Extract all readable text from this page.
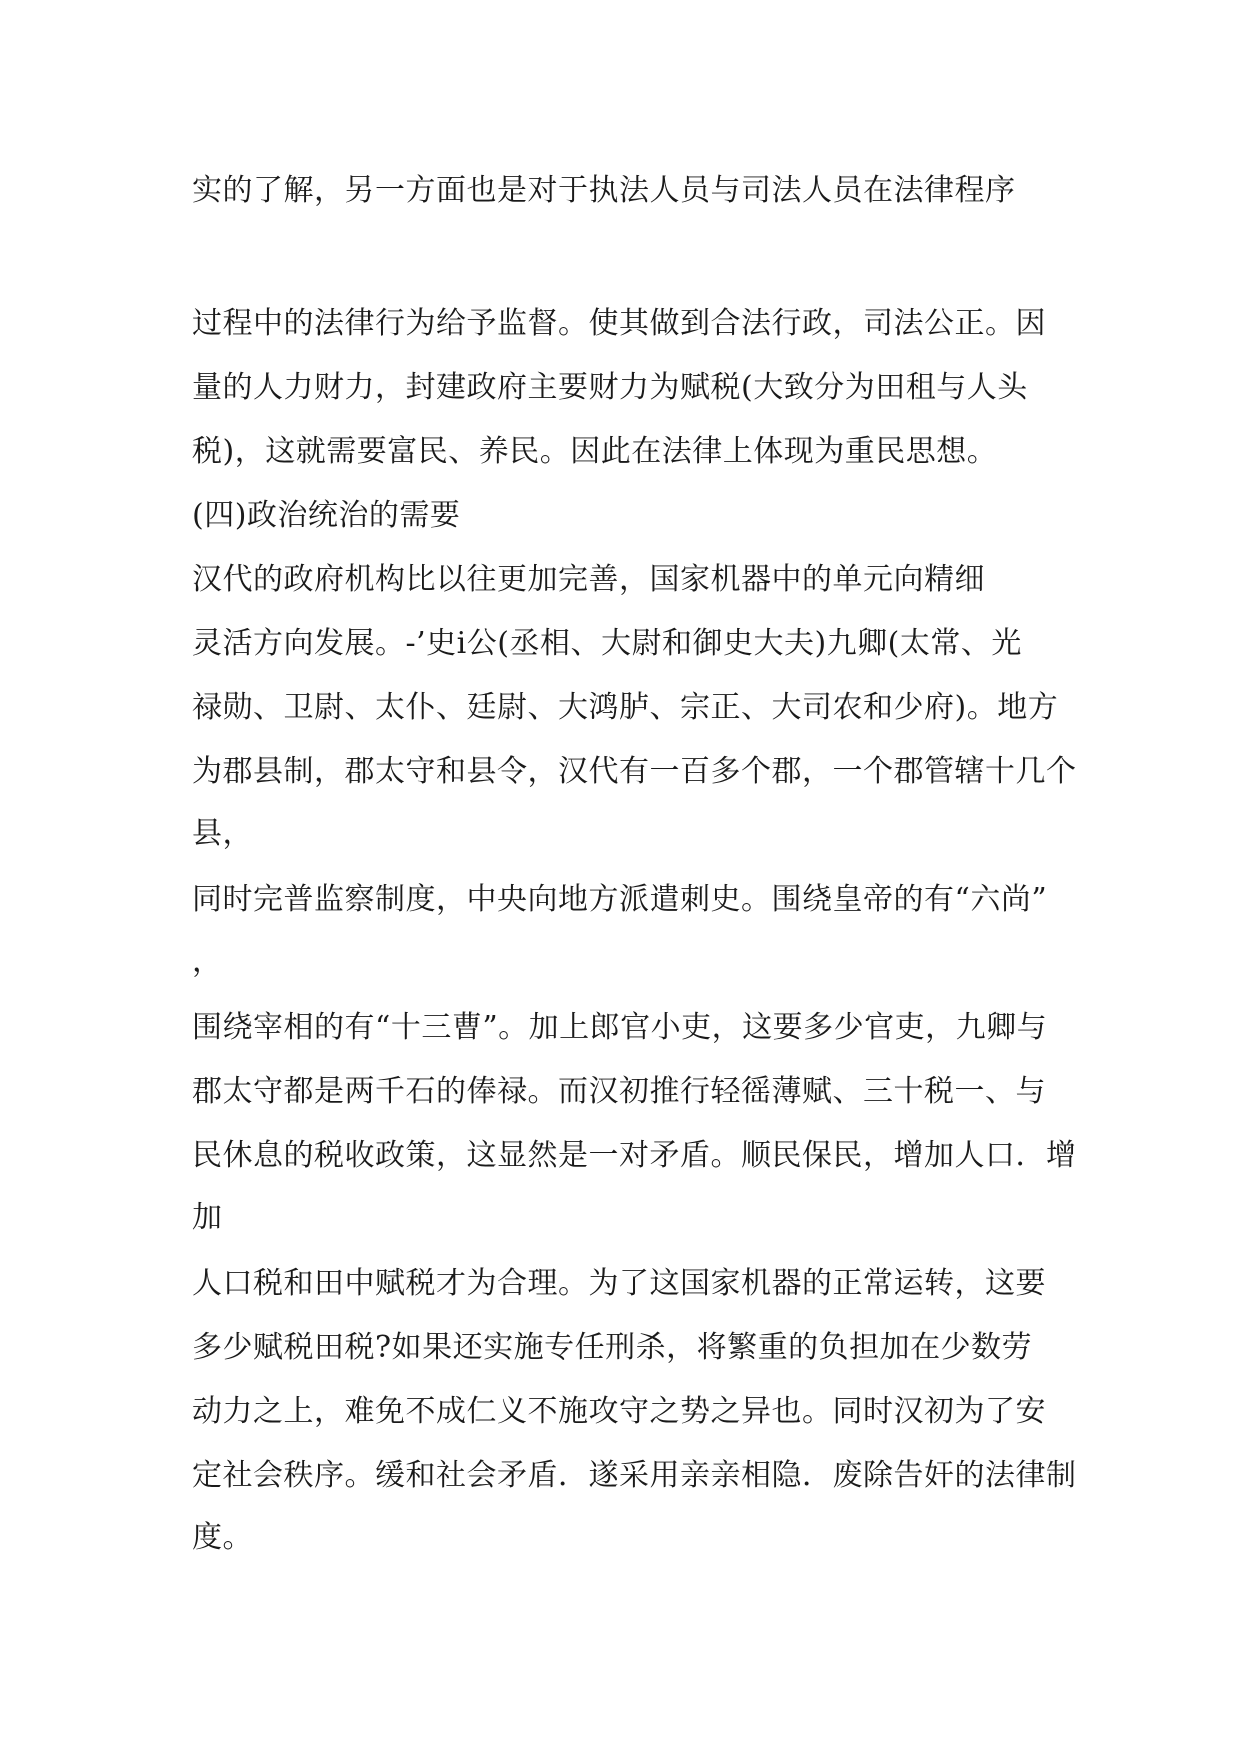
实的了解，另一方面也是对于执法人员与司法人员在法律程序
过程中的法律行为给予监督。使其做到合法行政，司法公正。因
量的人力财力，封建政府主要财力为赋税(大致分为田租与人头
税)，这就需要富民、养民。因此在法律上体现为重民思想。
(四)政治统治的需要
汉代的政府机构比以往更加完善，国家机器中的单元向精细
灵活方向发展。-’史i公(丞相、大尉和御史大夫)九卿(太常、光
禄勋、卫尉、太仆、廷尉、大鸿胪、宗正、大司农和少府)。地方
为郡县制，郡太守和县令，汉代有一百多个郡，一个郡管辖十几个
县，
同时完普监察制度，中央向地方派遣刺史。围绕皇帝的有“六尚”
，
围绕宰相的有“十三曹”。加上郎官小吏，这要多少官吏，九卿与
郡太守都是两千石的俸禄。而汉初推行轻徭薄赋、三十税一、与
民休息的税收政策，这显然是一对矛盾。顺民保民，增加人口．增
加
人口税和田中赋税才为合理。为了这国家机器的正常运转，这要
多少赋税田税?如果还实施专任刑杀，将繁重的负担加在少数劳
动力之上，难免不成仁义不施攻守之势之异也。同时汉初为了安
定社会秩序。缓和社会矛盾．遂采用亲亲相隐．废除告奸的法律制
度。
